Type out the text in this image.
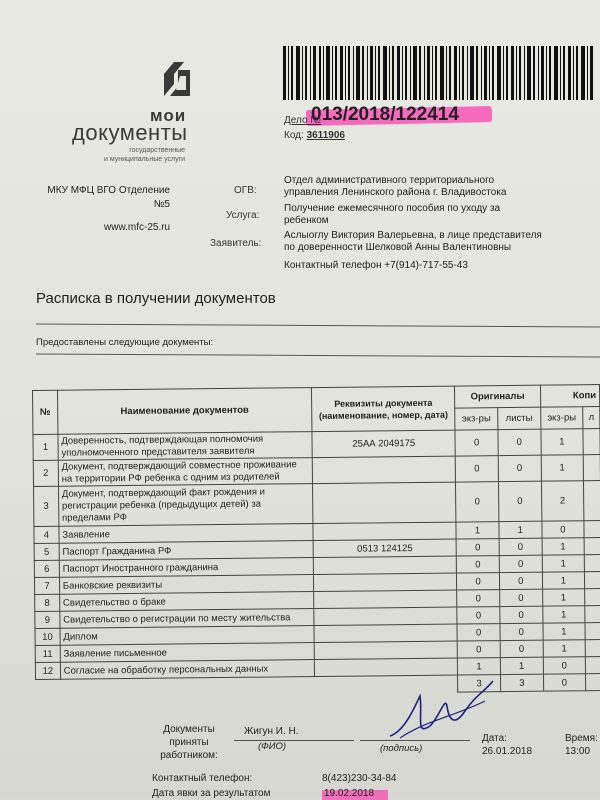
мои
документы
государственные
и муниципальные услуги
Дело №
013/2018/122414
Код: 3611906
МКУ МФЦ ВГО Отделение №5
www.mfc-25.ru
ОГВ:
Отдел административного территориального управления Ленинского района г. Владивостока
Услуга:
Получение ежемесячного пособия по уходу за ребенком
Заявитель:
Аслыоглу Виктория Валерьевна, в лице представителя по доверенности Шелковой Анны Валентиновны
Контактный телефон +7(914)-717-55-43
Расписка в получении документов
Предоставлены следующие документы:
№	Наименование документов	Реквизиты документа (наименование, номер, дата)	Оригиналы		Копи	
			экз-ры	листы	экз-ры	л
1	Доверенность, подтверждающая полномочия уполномоченного представителя заявителя	25АА 2049175	0	0	1	
2	Документ, подтверждающий совместное проживание на территории РФ ребенка с одним из родителей		0	0	1	
3	Документ, подтверждающий факт рождения и регистрации ребенка (предыдущих детей) за пределами РФ		0	0	2	
4	Заявление		1	1	0	
5	Паспорт Гражданина РФ	0513 124125	0	0	1	
6	Паспорт Иностранного гражданина		0	0	1	
7	Банковские реквизиты		0	0	1	
8	Свидетельство о браке		0	0	1	
9	Свидетельство о регистрации по месту жительства		0	0	1	
10	Диплом		0	0	1	
11	Заявление письменное		0	0	1	
12	Согласие на обработку персональных данных		1	1	0	
			3	3	0	
Документы приняты работником:
Жигун И. Н.
(ФИО)	(подпись)
Дата:
26.01.2018
Время:
13:00
Контактный телефон:	8(423)230-34-84
Дата явки за результатом	19.02.2018
